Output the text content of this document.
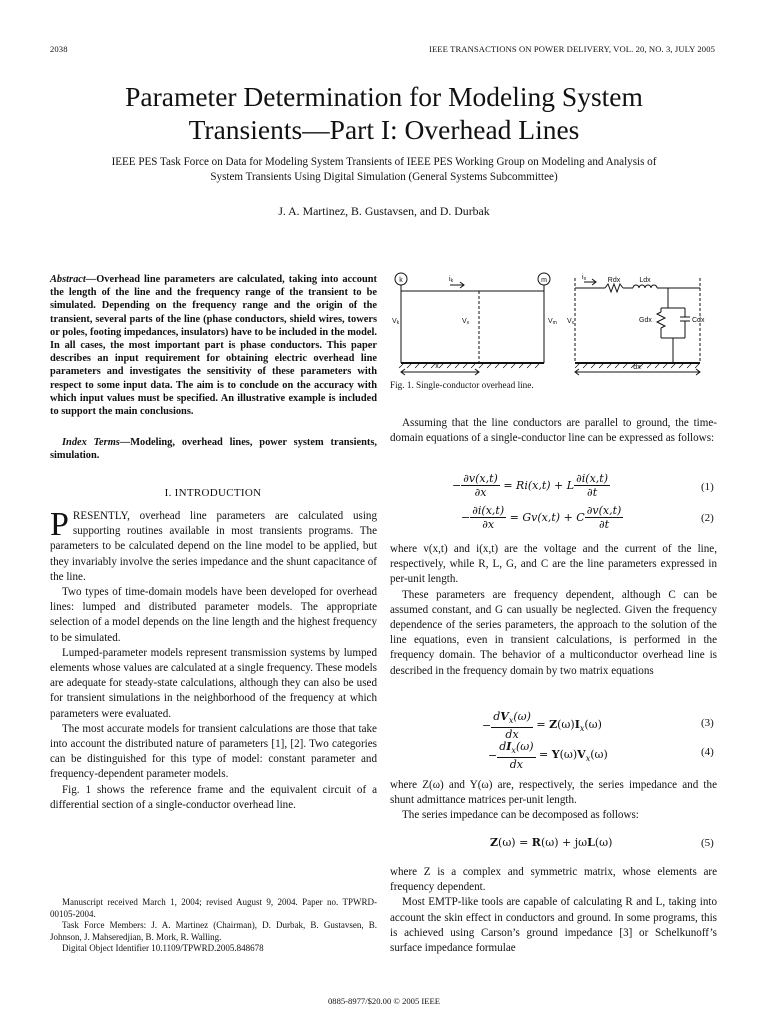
2038	IEEE TRANSACTIONS ON POWER DELIVERY, VOL. 20, NO. 3, JULY 2005
Parameter Determination for Modeling System
Transients—Part I: Overhead Lines
IEEE PES Task Force on Data for Modeling System Transients of IEEE PES Working Group on Modeling and Analysis of System Transients Using Digital Simulation (General Systems Subcommittee)
J. A. Martinez, B. Gustavsen, and D. Durbak
Abstract—Overhead line parameters are calculated, taking into account the length of the line and the frequency range of the transient to be simulated. Depending on the frequency range and the origin of the transient, several parts of the line (phase conductors, shield wires, towers or poles, footing impedances, insulators) have to be included in the model. In all cases, the most important part is phase conductors. This paper describes an input requirement for obtaining electric overhead line parameters and investigates the sensitivity of these parameters with respect to some input data. The aim is to conclude on the accuracy with which input values must be specified. An illustrative example is included to support the main conclusions.
Index Terms—Modeling, overhead lines, power system transients, simulation.
I. INTRODUCTION

PRESENTLY, overhead line parameters are calculated using supporting routines available in most transients programs. The parameters to be calculated depend on the line model to be applied, but they invariably involve the series impedance and the shunt capacitance of the line.

Two types of time-domain models have been developed for overhead lines: lumped and distributed parameter models. The appropriate selection of a model depends on the line length and the highest frequency to be simulated.

Lumped-parameter models represent transmission systems by lumped elements whose values are calculated at a single frequency. These models are adequate for steady-state calculations, although they can also be used for transient simulations in the neighborhood of the frequency at which parameters were evaluated.

The most accurate models for transient calculations are those that take into account the distributed nature of parameters [1], [2]. Two categories can be distinguished for this type of model: constant parameter and frequency-dependent parameter models.

Fig. 1 shows the reference frame and the equivalent circuit of a differential section of a single-conductor overhead line.

Manuscript received March 1, 2004; revised August 9, 2004. Paper no. TPWRD-00105-2004.
Task Force Members: J. A. Martinez (Chairman), D. Durbak, B. Gustavsen, B. Johnson, J. Mahseredjian, B. Mork, R. Walling.
Digital Object Identifier 10.1109/TPWRD.2005.848678
k	m
ik	ix
Vk	Vx	Vm Vx
x
Rdx	Ldx
Gdx	Cdx
dx
Fig. 1. Single-conductor overhead line.

Assuming that the line conductors are parallel to ground, the time-domain equations of a single-conductor line can be expressed as follows:

− $\frac{\partial v(x,t)}{\partial x} = Ri(x,t) + L \frac{\partial i(x,t)}{\partial t}$	(1)
− $\frac{\partial i(x,t)}{\partial x} = Gv(x,t) + C \frac{\partial v(x,t)}{\partial t}$	(2)

where v(x,t) and i(x,t) are the voltage and the current of the line, respectively, while R, L, G, and C are the line parameters expressed in per-unit length.

These parameters are frequency dependent, although C can be assumed constant, and G can usually be neglected. Given the frequency dependence of the series parameters, the approach to the solution of the line equations, even in transient calculations, is performed in the frequency domain. The behavior of a multiconductor overhead line is described in the frequency domain by two matrix equations

− $\frac{dV_x(\omega)}{dx} = Z(\omega)I_x(\omega)$	(3)
− $\frac{dI_x(\omega)}{dx} = Y(\omega)V_x(\omega)$	(4)

where Z(ω) and Y(ω) are, respectively, the series impedance and the shunt admittance matrices per-unit length.

The series impedance can be decomposed as follows:

Z(ω) = R(ω) + jωL(ω)	(5)

where Z is a complex and symmetric matrix, whose elements are frequency dependent.

Most EMTP-like tools are capable of calculating R and L, taking into account the skin effect in conductors and ground. In some programs, this is achieved using Carson’s ground impedance [3] or Schelkunoff’s surface impedance formulae

0885-8977/$20.00 © 2005 IEEE
